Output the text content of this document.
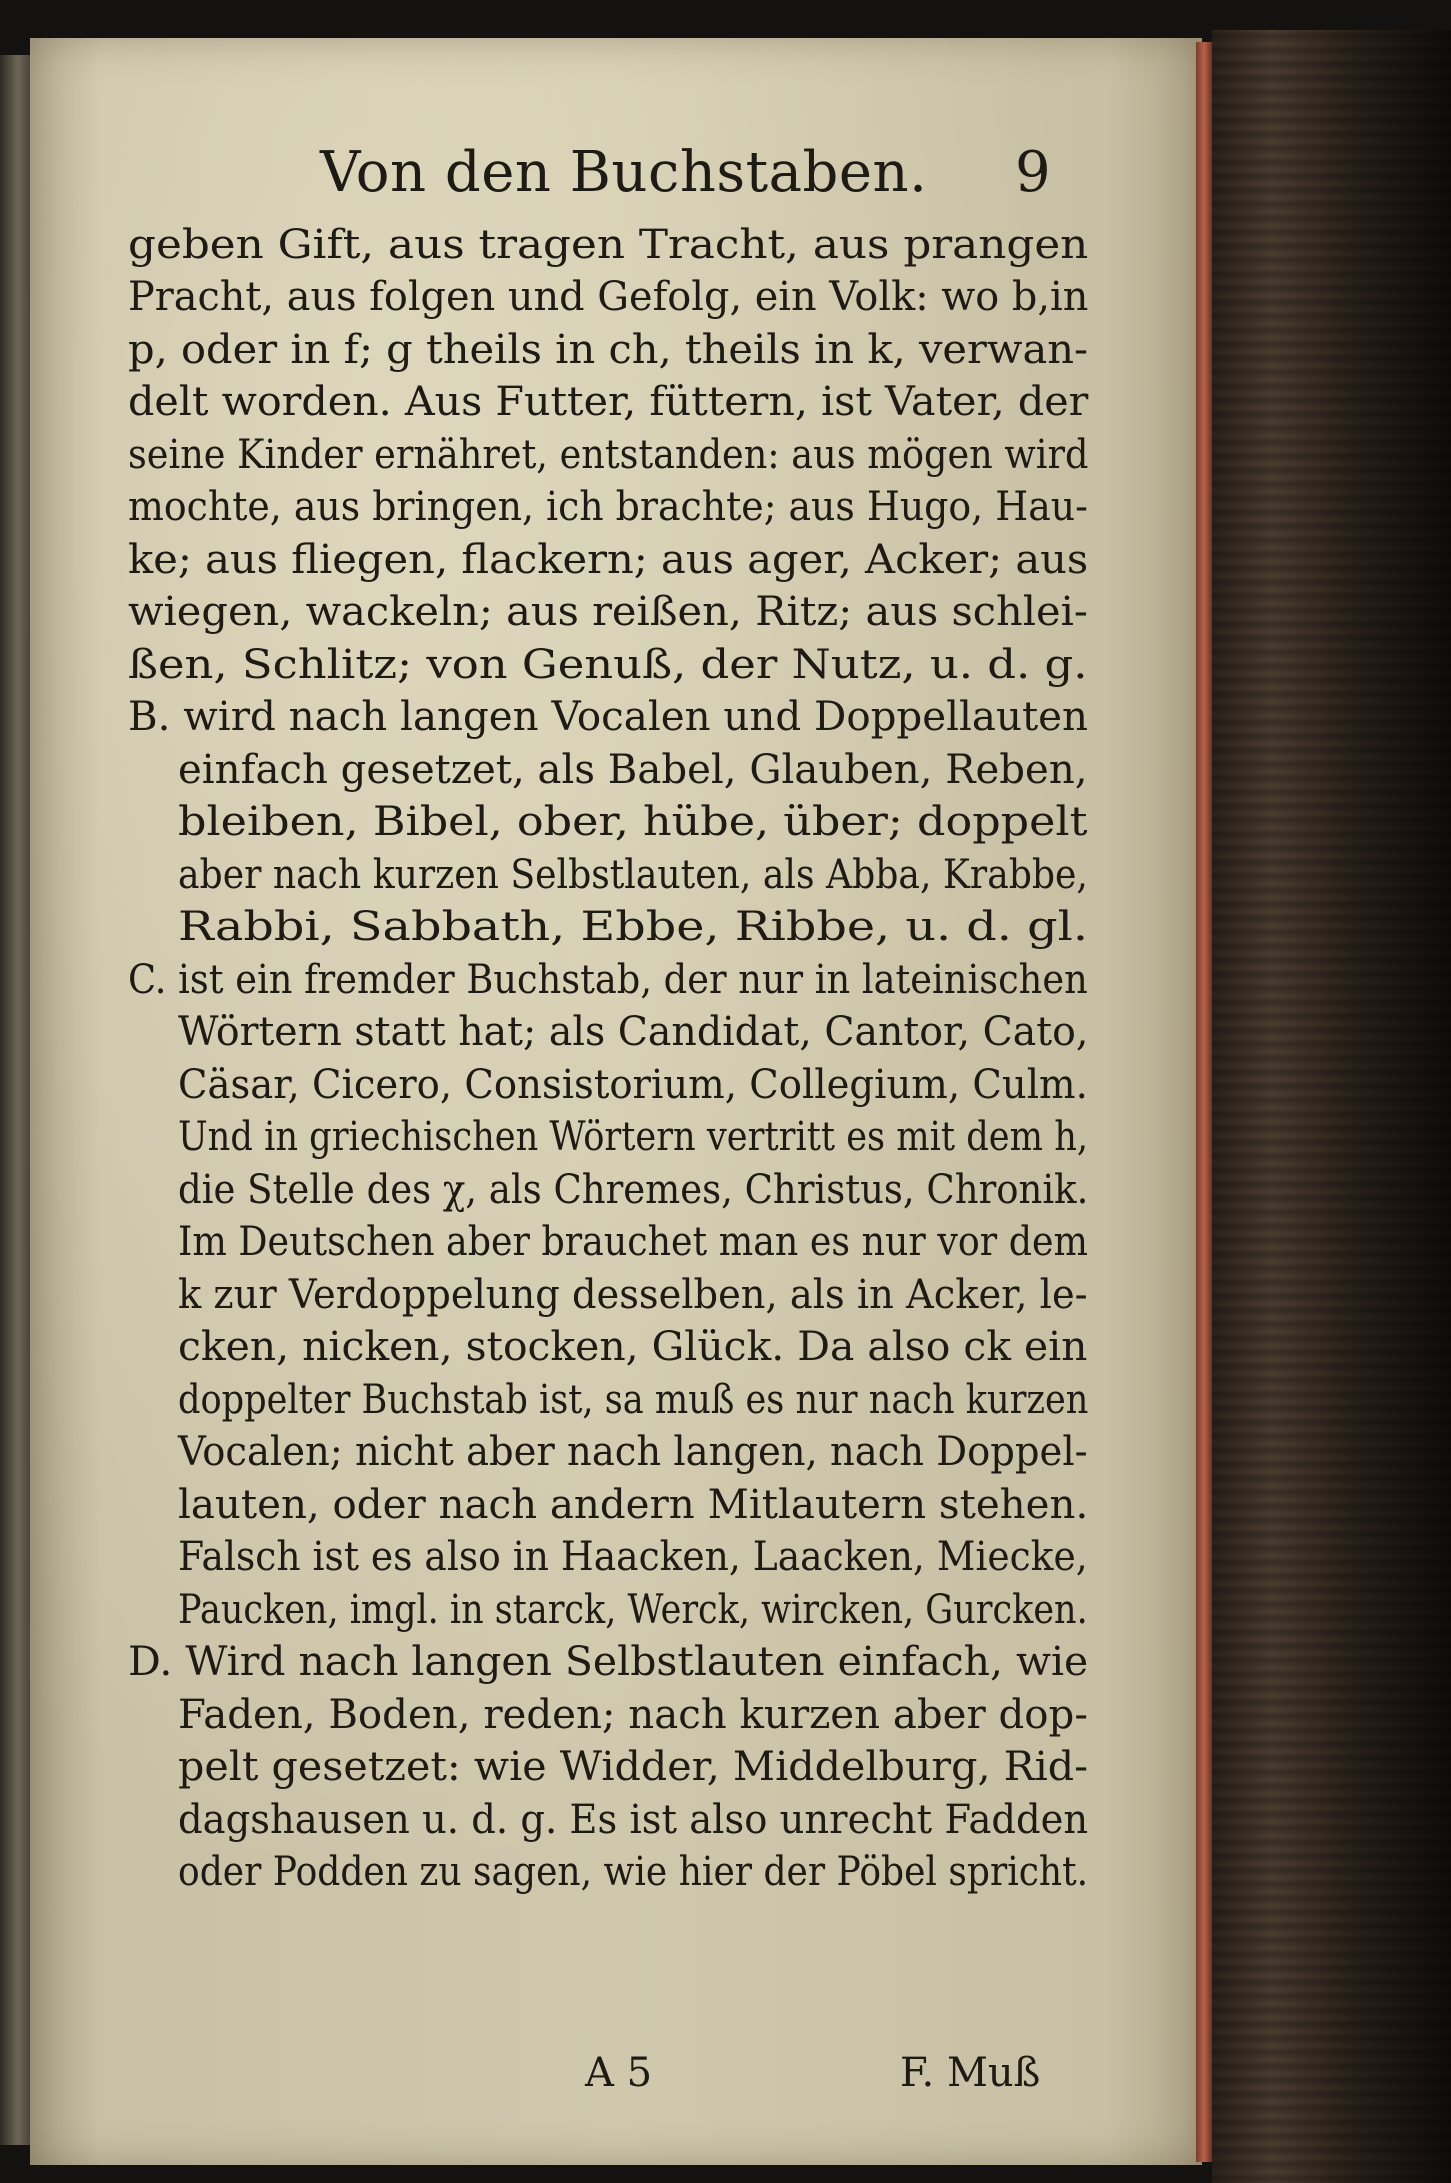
Von den Buchstaben. 9
geben Gift, aus tragen Tracht, aus prangen
Pracht, aus folgen und Gefolg, ein Volk: wo b,in
p, oder in f; g theils in ch, theils in k, verwan-
delt worden. Aus Futter, füttern, ist Vater, der
seine Kinder ernähret, entstanden: aus mögen wird
mochte, aus bringen, ich brachte; aus Hugo, Hau-
ke; aus fliegen, flackern; aus ager, Acker; aus
wiegen, wackeln; aus reißen, Ritz; aus schlei-
ßen, Schlitz; von Genuß, der Nutz, u. d. g.
B. wird nach langen Vocalen und Doppellauten
einfach gesetzet, als Babel, Glauben, Reben,
bleiben, Bibel, ober, hübe, über; doppelt
aber nach kurzen Selbstlauten, als Abba, Krabbe,
Rabbi, Sabbath, Ebbe, Ribbe, u. d. gl.
C. ist ein fremder Buchstab, der nur in lateinischen
Wörtern statt hat; als Candidat, Cantor, Cato,
Cäsar, Cicero, Consistorium, Collegium, Culm.
Und in griechischen Wörtern vertritt es mit dem h,
die Stelle des χ, als Chremes, Christus, Chronik.
Im Deutschen aber brauchet man es nur vor dem
k zur Verdoppelung desselben, als in Acker, le-
cken, nicken, stocken, Glück. Da also ck ein
doppelter Buchstab ist, sa muß es nur nach kurzen
Vocalen; nicht aber nach langen, nach Doppel-
lauten, oder nach andern Mitlautern stehen.
Falsch ist es also in Haacken, Laacken, Miecke,
Paucken, imgl. in starck, Werck, wircken, Gurcken.
D. Wird nach langen Selbstlauten einfach, wie
Faden, Boden, reden; nach kurzen aber dop-
pelt gesetzet: wie Widder, Middelburg, Rid-
dagshausen u. d. g. Es ist also unrecht Fadden
oder Podden zu sagen, wie hier der Pöbel spricht.
A 5	F. Muß
